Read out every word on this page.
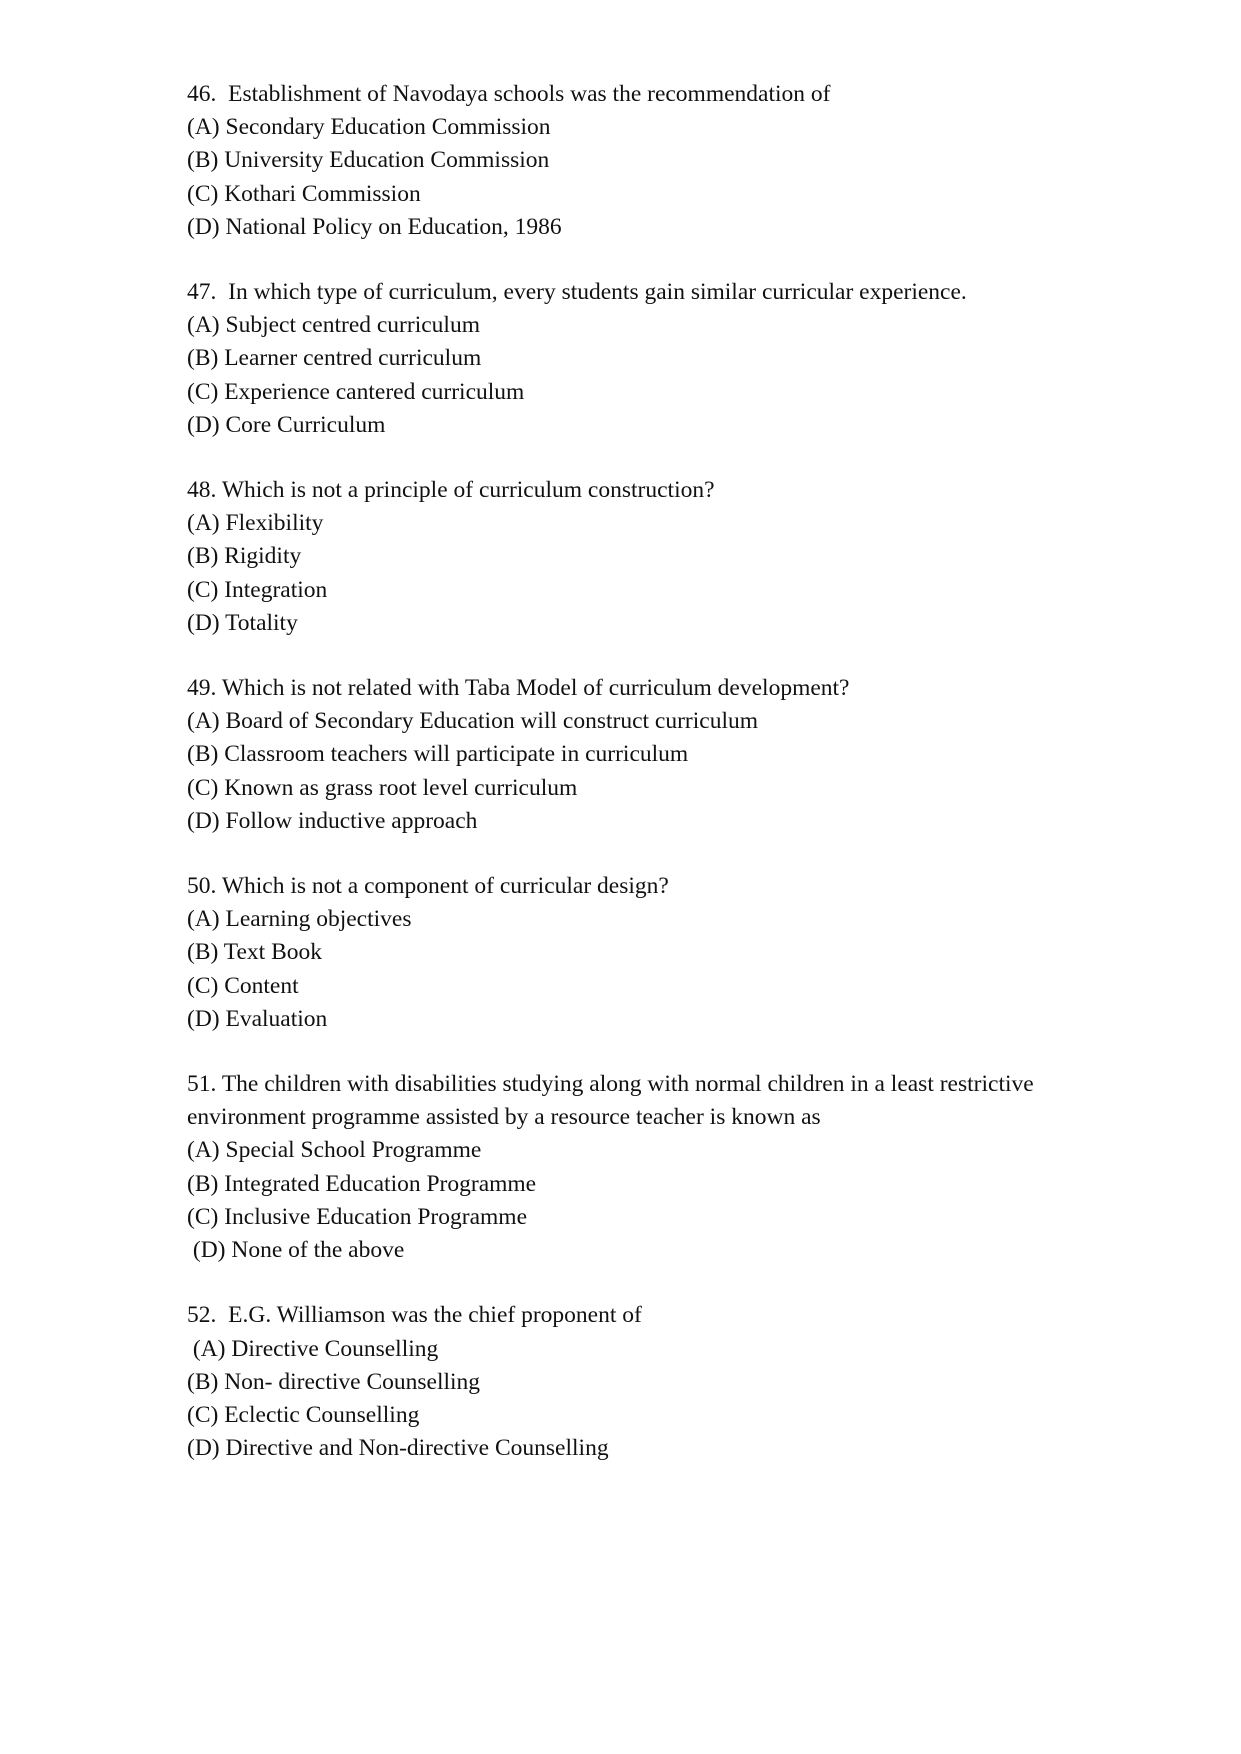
46.  Establishment of Navodaya schools was the recommendation of
(A) Secondary Education Commission
(B) University Education Commission
(C) Kothari Commission
(D) National Policy on Education, 1986
47.  In which type of curriculum, every students gain similar curricular experience.
(A) Subject centred curriculum
(B) Learner centred curriculum
(C) Experience cantered curriculum
(D) Core Curriculum
48. Which is not a principle of curriculum construction?
(A) Flexibility
(B) Rigidity
(C) Integration
(D) Totality
49. Which is not related with Taba Model of curriculum development?
(A) Board of Secondary Education will construct curriculum
(B) Classroom teachers will participate in curriculum
(C) Known as grass root level curriculum
(D) Follow inductive approach
50. Which is not a component of curricular design?
(A) Learning objectives
(B) Text Book
(C) Content
(D) Evaluation
51. The children with disabilities studying along with normal children in a least restrictive
environment programme assisted by a resource teacher is known as
(A) Special School Programme
(B) Integrated Education Programme
(C) Inclusive Education Programme
(D) None of the above
52.  E.G. Williamson was the chief proponent of
(A) Directive Counselling
(B) Non- directive Counselling
(C) Eclectic Counselling
(D) Directive and Non-directive Counselling
